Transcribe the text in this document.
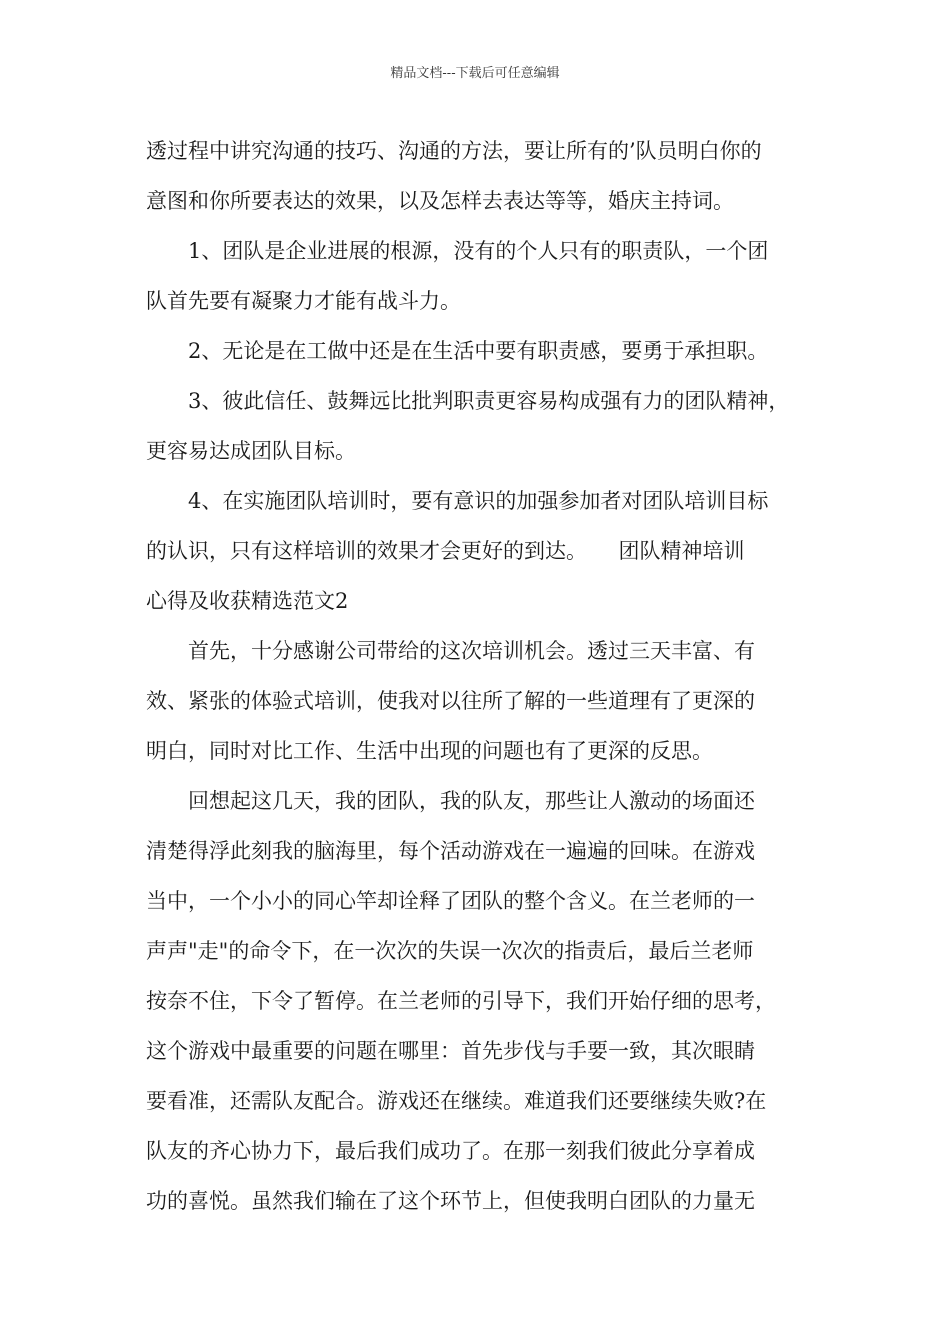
精品文档---下载后可任意编辑
透过程中讲究沟通的技巧、沟通的方法，要让所有的’队员明白你的
意图和你所要表达的效果，以及怎样去表达等等，婚庆主持词。
1、团队是企业进展的根源，没有的个人只有的职责队，一个团
队首先要有凝聚力才能有战斗力。
2、无论是在工做中还是在生活中要有职责感，要勇于承担职。
3、彼此信任、鼓舞远比批判职责更容易构成强有力的团队精神，
更容易达成团队目标。
4、在实施团队培训时，要有意识的加强参加者对团队培训目标
的认识，只有这样培训的效果才会更好的到达。　　团队精神培训
心得及收获精选范文2
首先，十分感谢公司带给的这次培训机会。透过三天丰富、有
效、紧张的体验式培训，使我对以往所了解的一些道理有了更深的
明白，同时对比工作、生活中出现的问题也有了更深的反思。
回想起这几天，我的团队，我的队友，那些让人激动的场面还
清楚得浮此刻我的脑海里，每个活动游戏在一遍遍的回味。在游戏
当中，一个小小的同心竿却诠释了团队的整个含义。在兰老师的一
声声"走"的命令下，在一次次的失误一次次的指责后，最后兰老师
按奈不住，下令了暂停。在兰老师的引导下，我们开始仔细的思考，
这个游戏中最重要的问题在哪里：首先步伐与手要一致，其次眼睛
要看准，还需队友配合。游戏还在继续。难道我们还要继续失败?在
队友的齐心协力下，最后我们成功了。在那一刻我们彼此分享着成
功的喜悦。虽然我们输在了这个环节上，但使我明白团队的力量无
